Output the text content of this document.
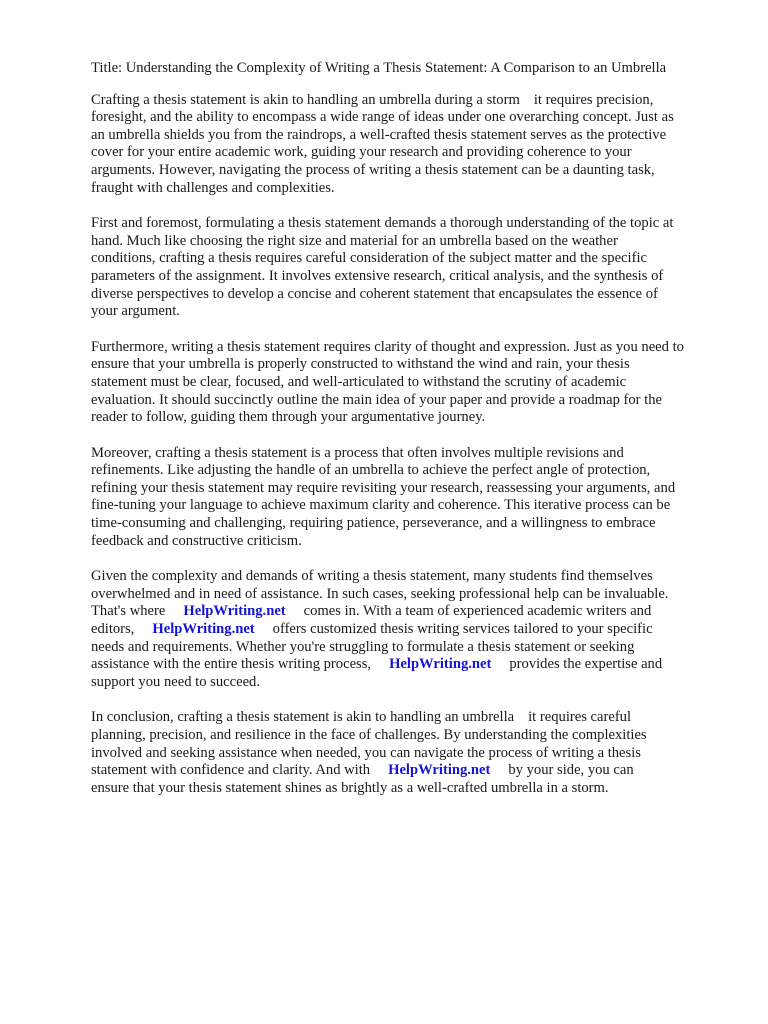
Title: Understanding the Complexity of Writing a Thesis Statement: A Comparison to an Umbrella
Crafting a thesis statement is akin to handling an umbrella during a storm it requires precision,
foresight, and the ability to encompass a wide range of ideas under one overarching concept. Just as
an umbrella shields you from the raindrops, a well-crafted thesis statement serves as the protective
cover for your entire academic work, guiding your research and providing coherence to your
arguments. However, navigating the process of writing a thesis statement can be a daunting task,
fraught with challenges and complexities.
First and foremost, formulating a thesis statement demands a thorough understanding of the topic at
hand. Much like choosing the right size and material for an umbrella based on the weather
conditions, crafting a thesis requires careful consideration of the subject matter and the specific
parameters of the assignment. It involves extensive research, critical analysis, and the synthesis of
diverse perspectives to develop a concise and coherent statement that encapsulates the essence of
your argument.
Furthermore, writing a thesis statement requires clarity of thought and expression. Just as you need to
ensure that your umbrella is properly constructed to withstand the wind and rain, your thesis
statement must be clear, focused, and well-articulated to withstand the scrutiny of academic
evaluation. It should succinctly outline the main idea of your paper and provide a roadmap for the
reader to follow, guiding them through your argumentative journey.
Moreover, crafting a thesis statement is a process that often involves multiple revisions and
refinements. Like adjusting the handle of an umbrella to achieve the perfect angle of protection,
refining your thesis statement may require revisiting your research, reassessing your arguments, and
fine-tuning your language to achieve maximum clarity and coherence. This iterative process can be
time-consuming and challenging, requiring patience, perseverance, and a willingness to embrace
feedback and constructive criticism.
Given the complexity and demands of writing a thesis statement, many students find themselves
overwhelmed and in need of assistance. In such cases, seeking professional help can be invaluable.
That's where HelpWriting.net comes in. With a team of experienced academic writers and
editors, HelpWriting.net offers customized thesis writing services tailored to your specific
needs and requirements. Whether you're struggling to formulate a thesis statement or seeking
assistance with the entire thesis writing process, HelpWriting.net provides the expertise and
support you need to succeed.
In conclusion, crafting a thesis statement is akin to handling an umbrella it requires careful
planning, precision, and resilience in the face of challenges. By understanding the complexities
involved and seeking assistance when needed, you can navigate the process of writing a thesis
statement with confidence and clarity. And with HelpWriting.net by your side, you can
ensure that your thesis statement shines as brightly as a well-crafted umbrella in a storm.
